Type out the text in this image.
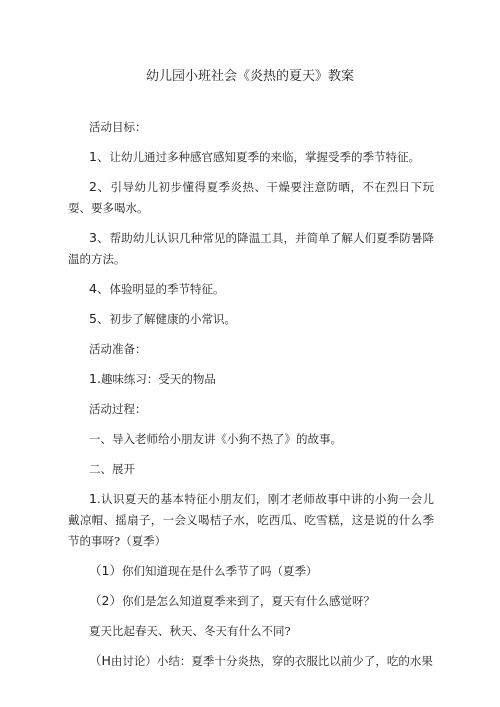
幼儿园小班社会《炎热的夏天》教案

活动目标：

1、让幼儿通过多种感官感知夏季的来临，掌握受季的季节特征。

2、引导幼儿初步懂得夏季炎热、干燥要注意防晒，不在烈日下玩耍、要多喝水。

3、帮助幼儿认识几种常见的降温工具，并简单了解人们夏季防暑降温的方法。

4、体验明显的季节特征。

5、初步了解健康的小常识。

活动准备：

1.趣味练习：受天的物品

活动过程：

一、导入老师给小朋友讲《小狗不热了》的故事。

二、展开

1.认识夏天的基本特征小朋友们，刚才老师故事中讲的小狗一会儿戴凉帽、摇扇子，一会义喝桔子水，吃西瓜、吃雪糕，这是说的什么季节的事呀?（夏季）

（1）你们知道现在是什么季节了吗（夏季）

（2）你们是怎么知道夏季来到了，夏天有什么感觉呀？

夏天比起春天、秋天、冬天有什么不同?

（H由讨论）小结：夏季十分炎热，穿的衣服比以前少了，吃的水果
